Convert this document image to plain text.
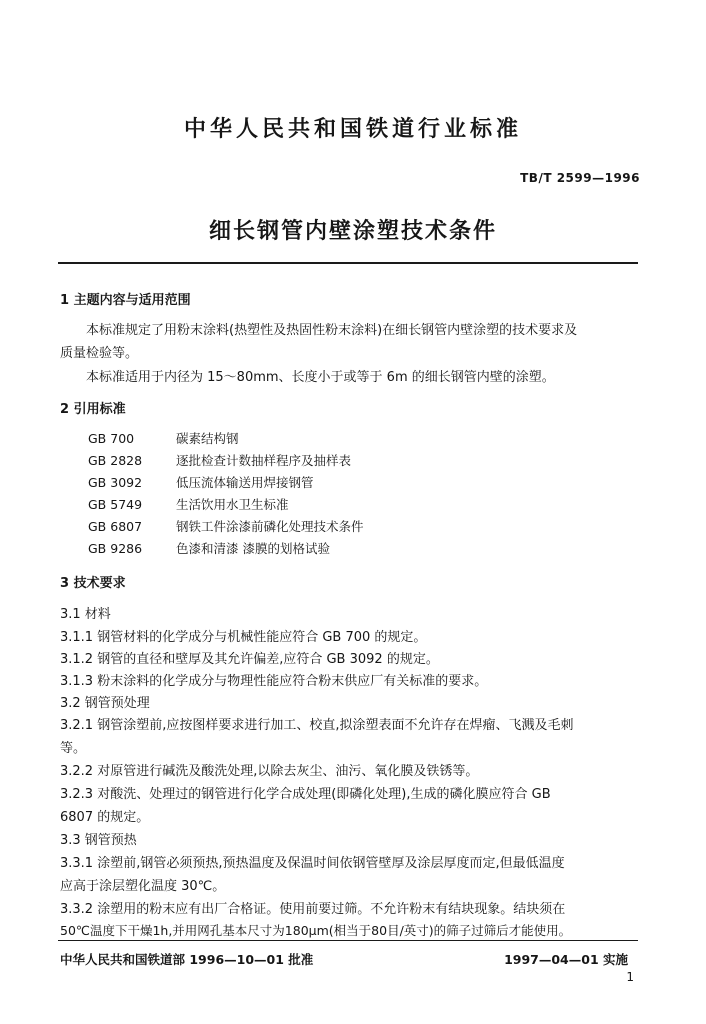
中华人民共和国铁道行业标准
TB/T 2599—1996
细长钢管内壁涂塑技术条件
1 主题内容与适用范围
本标准规定了用粉末涂料(热塑性及热固性粉末涂料)在细长钢管内壁涂塑的技术要求及
质量检验等。
本标准适用于内径为 15～80mm、长度小于或等于 6m 的细长钢管内壁的涂塑。
2 引用标准
GB 700	碳素结构钢
GB 2828	逐批检查计数抽样程序及抽样表
GB 3092	低压流体输送用焊接钢管
GB 5749	生活饮用水卫生标准
GB 6807	钢铁工件涂漆前磷化处理技术条件
GB 9286	色漆和清漆 漆膜的划格试验
3 技术要求
3.1 材料
3.1.1 钢管材料的化学成分与机械性能应符合 GB 700 的规定。
3.1.2 钢管的直径和壁厚及其允许偏差,应符合 GB 3092 的规定。
3.1.3 粉末涂料的化学成分与物理性能应符合粉末供应厂有关标准的要求。
3.2 钢管预处理
3.2.1 钢管涂塑前,应按图样要求进行加工、校直,拟涂塑表面不允许存在焊瘤、飞溅及毛刺
等。
3.2.2 对原管进行碱洗及酸洗处理,以除去灰尘、油污、氧化膜及铁锈等。
3.2.3 对酸洗、处理过的钢管进行化学合成处理(即磷化处理),生成的磷化膜应符合 GB
6807 的规定。
3.3 钢管预热
3.3.1 涂塑前,钢管必须预热,预热温度及保温时间依钢管壁厚及涂层厚度而定,但最低温度
应高于涂层塑化温度 30℃。
3.3.2 涂塑用的粉末应有出厂合格证。使用前要过筛。不允许粉末有结块现象。结块须在
50℃温度下干燥1h,并用网孔基本尺寸为180μm(相当于80目/英寸)的筛子过筛后才能使用。
中华人民共和国铁道部 1996—10—01 批准	1997—04—01 实施
1
